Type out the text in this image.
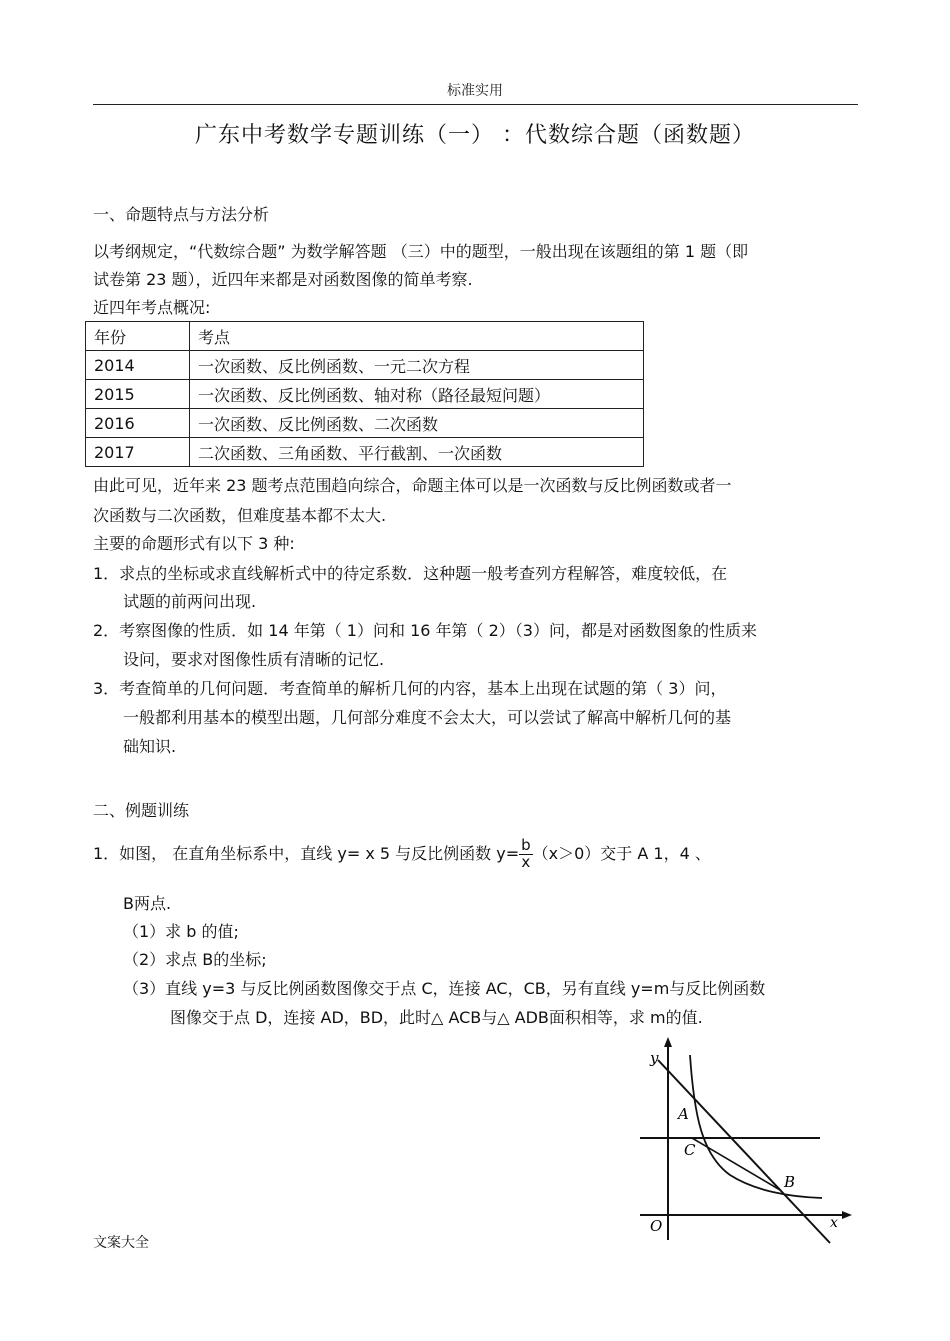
标准实用
广东中考数学专题训练（一） ：代数综合题（函数题）
一、命题特点与方法分析
以考纲规定，“代数综合题” 为数学解答题 （三）中的题型，一般出现在该题组的第 1 题（即
试卷第 23 题），近四年来都是对函数图像的简单考察.
近四年考点概况:
年份	考点
2014	一次函数、反比例函数、一元二次方程
2015	一次函数、反比例函数、轴对称（路径最短问题）
2016	一次函数、反比例函数、二次函数
2017	二次函数、三角函数、平行截割、一次函数
由此可见，近年来 23 题考点范围趋向综合，命题主体可以是一次函数与反比例函数或者一
次函数与二次函数，但难度基本都不太大.
主要的命题形式有以下 3 种:
1．求点的坐标或求直线解析式中的待定系数．这种题一般考查列方程解答，难度较低，在
试题的前两问出现.
2．考察图像的性质．如 14 年第（ 1）问和 16 年第（ 2）（3）问，都是对函数图象的性质来
设问，要求对图像性质有清晰的记忆.
3．考查简单的几何问题．考查简单的解析几何的内容，基本上出现在试题的第（ 3）问，
一般都利用基本的模型出题，几何部分难度不会太大，可以尝试了解高中解析几何的基
础知识.
二、例题训练
1．如图， 在直角坐标系中，直线 y= x 5 与反比例函数 $y= \frac{b}{x} (x>0)$交于 A 1，4 、
B两点.
（1）求 b 的值;
（2）求点 B的坐标;
（3）直线 y=3 与反比例函数图像交于点 C，连接 AC，CB，另有直线 y=m与反比例函数
图像交于点 D，连接 AD，BD，此时△ ACB与△ ADB面积相等，求 m的值.
y
x
O
A
C
B
文案大全
